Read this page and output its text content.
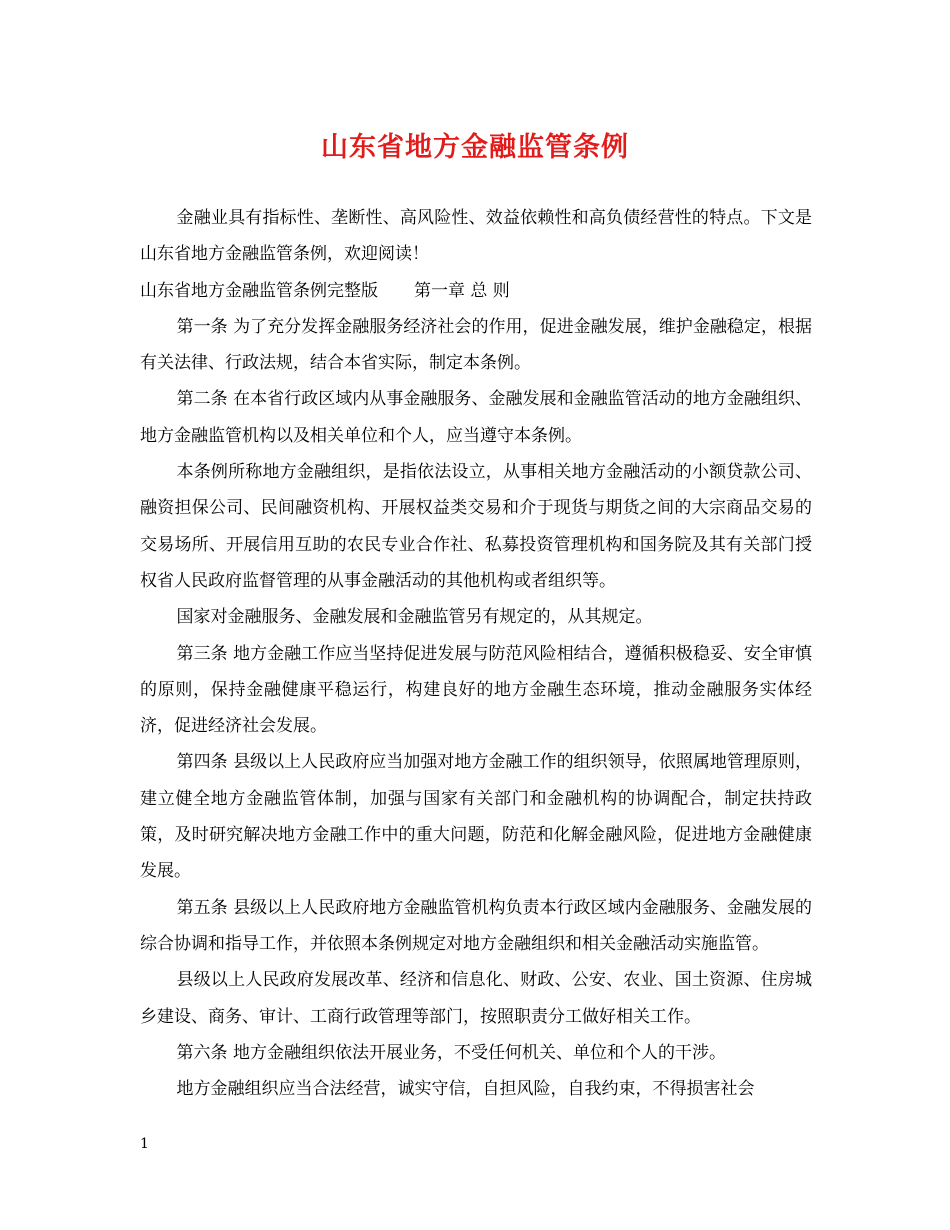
山东省地方金融监管条例

金融业具有指标性、垄断性、高风险性、效益依赖性和高负债经营性的特点。下文是山东省地方金融监管条例，欢迎阅读！

山东省地方金融监管条例完整版 第一章 总 则

第一条 为了充分发挥金融服务经济社会的作用，促进金融发展，维护金融稳定，根据有关法律、行政法规，结合本省实际，制定本条例。

第二条 在本省行政区域内从事金融服务、金融发展和金融监管活动的地方金融组织、地方金融监管机构以及相关单位和个人，应当遵守本条例。

本条例所称地方金融组织，是指依法设立，从事相关地方金融活动的小额贷款公司、融资担保公司、民间融资机构、开展权益类交易和介于现货与期货之间的大宗商品交易的交易场所、开展信用互助的农民专业合作社、私募投资管理机构和国务院及其有关部门授权省人民政府监督管理的从事金融活动的其他机构或者组织等。

国家对金融服务、金融发展和金融监管另有规定的，从其规定。

第三条 地方金融工作应当坚持促进发展与防范风险相结合，遵循积极稳妥、安全审慎的原则，保持金融健康平稳运行，构建良好的地方金融生态环境，推动金融服务实体经济，促进经济社会发展。

第四条 县级以上人民政府应当加强对地方金融工作的组织领导，依照属地管理原则，建立健全地方金融监管体制，加强与国家有关部门和金融机构的协调配合，制定扶持政策，及时研究解决地方金融工作中的重大问题，防范和化解金融风险，促进地方金融健康发展。

第五条 县级以上人民政府地方金融监管机构负责本行政区域内金融服务、金融发展的综合协调和指导工作，并依照本条例规定对地方金融组织和相关金融活动实施监管。

县级以上人民政府发展改革、经济和信息化、财政、公安、农业、国土资源、住房城乡建设、商务、审计、工商行政管理等部门，按照职责分工做好相关工作。

第六条 地方金融组织依法开展业务，不受任何机关、单位和个人的干涉。

地方金融组织应当合法经营，诚实守信，自担风险，自我约束，不得损害社会

1
